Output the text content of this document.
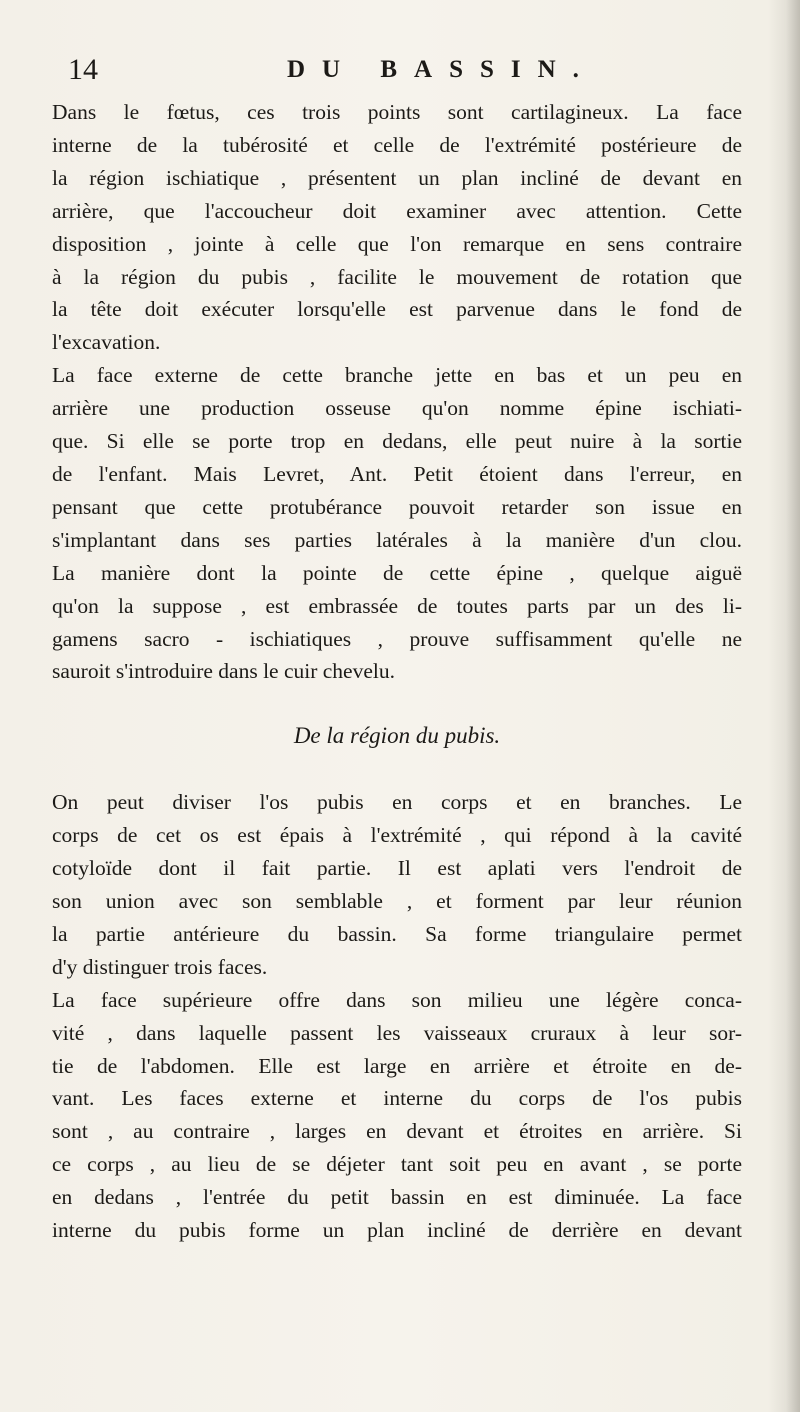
14	DU BASSIN.

Dans le fœtus, ces trois points sont cartilagineux. La face

interne de la tubérosité et celle de l'extrémité postérieure de

la région ischiatique , présentent un plan incliné de devant en

arrière, que l'accoucheur doit examiner avec attention. Cette

disposition , jointe à celle que l'on remarque en sens contraire

à la région du pubis , facilite le mouvement de rotation que

la tête doit exécuter lorsqu'elle est parvenue dans le fond de

l'excavation.

La face externe de cette branche jette en bas et un peu en

arrière une production osseuse qu'on nomme épine ischiati-

que. Si elle se porte trop en dedans, elle peut nuire à la sortie

de l'enfant. Mais Levret, Ant. Petit étoient dans l'erreur, en

pensant que cette protubérance pouvoit retarder son issue en

s'implantant dans ses parties latérales à la manière d'un clou.

La manière dont la pointe de cette épine , quelque aiguë

qu'on la suppose , est embrassée de toutes parts par un des li-

gamens sacro - ischiatiques , prouve suffisamment qu'elle ne

sauroit s'introduire dans le cuir chevelu.

De la région du pubis.

On peut diviser l'os pubis en corps et en branches. Le

corps de cet os est épais à l'extrémité , qui répond à la cavité

cotyloïde dont il fait partie. Il est aplati vers l'endroit de

son union avec son semblable , et forment par leur réunion

la partie antérieure du bassin. Sa forme triangulaire permet

d'y distinguer trois faces.

La face supérieure offre dans son milieu une légère conca-

vité , dans laquelle passent les vaisseaux cruraux à leur sor-

tie de l'abdomen. Elle est large en arrière et étroite en de-

vant. Les faces externe et interne du corps de l'os pubis

sont , au contraire , larges en devant et étroites en arrière. Si

ce corps , au lieu de se déjeter tant soit peu en avant , se porte

en dedans , l'entrée du petit bassin en est diminuée. La face

interne du pubis forme un plan incliné de derrière en devant
